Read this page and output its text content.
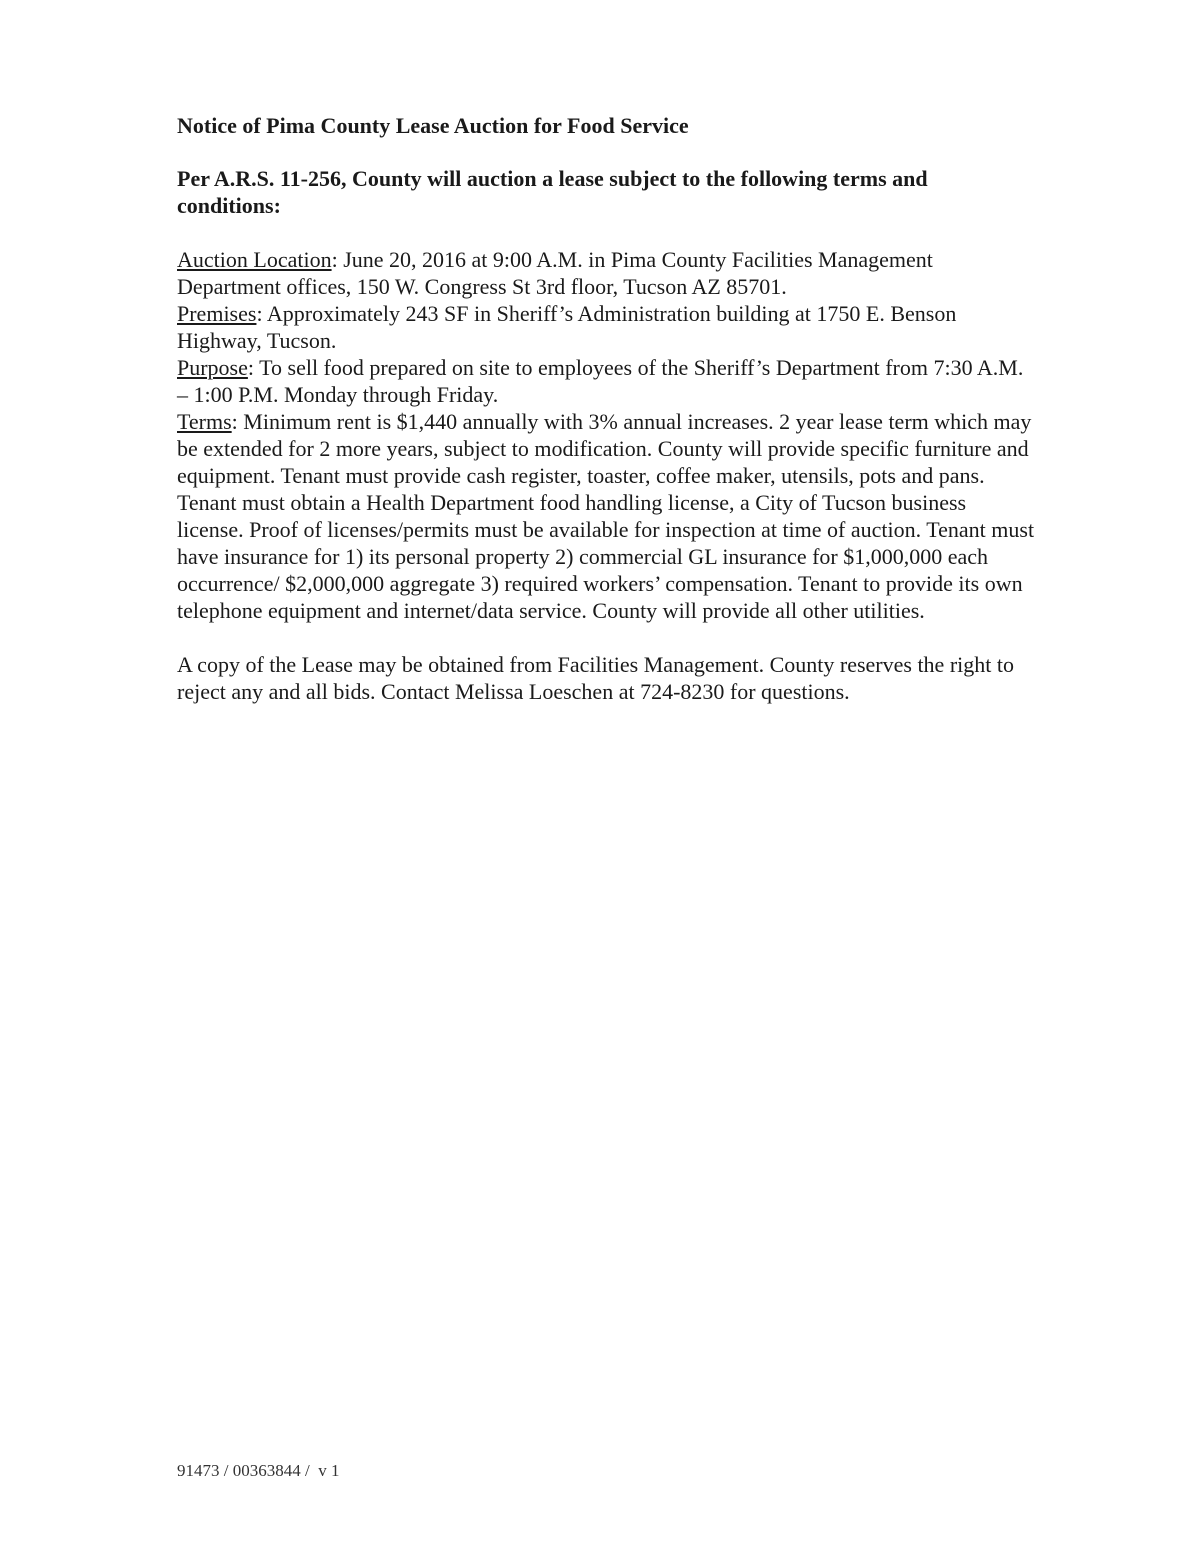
Notice of Pima County Lease Auction for Food Service

Per A.R.S. 11-256, County will auction a lease subject to the following terms and conditions:

Auction Location: June 20, 2016 at 9:00 A.M. in Pima County Facilities Management Department offices, 150 W. Congress St 3rd floor, Tucson AZ 85701.

Premises: Approximately 243 SF in Sheriff’s Administration building at 1750 E. Benson Highway, Tucson.

Purpose: To sell food prepared on site to employees of the Sheriff’s Department from 7:30 A.M. – 1:00 P.M. Monday through Friday.

Terms: Minimum rent is $1,440 annually with 3% annual increases. 2 year lease term which may be extended for 2 more years, subject to modification. County will provide specific furniture and equipment. Tenant must provide cash register, toaster, coffee maker, utensils, pots and pans. Tenant must obtain a Health Department food handling license, a City of Tucson business license. Proof of licenses/permits must be available for inspection at time of auction. Tenant must have insurance for 1) its personal property 2) commercial GL insurance for $1,000,000 each occurrence/ $2,000,000 aggregate 3) required workers’ compensation. Tenant to provide its own telephone equipment and internet/data service. County will provide all other utilities.

A copy of the Lease may be obtained from Facilities Management. County reserves the right to reject any and all bids. Contact Melissa Loeschen at 724-8230 for questions.

91473 / 00363844 /  v 1
